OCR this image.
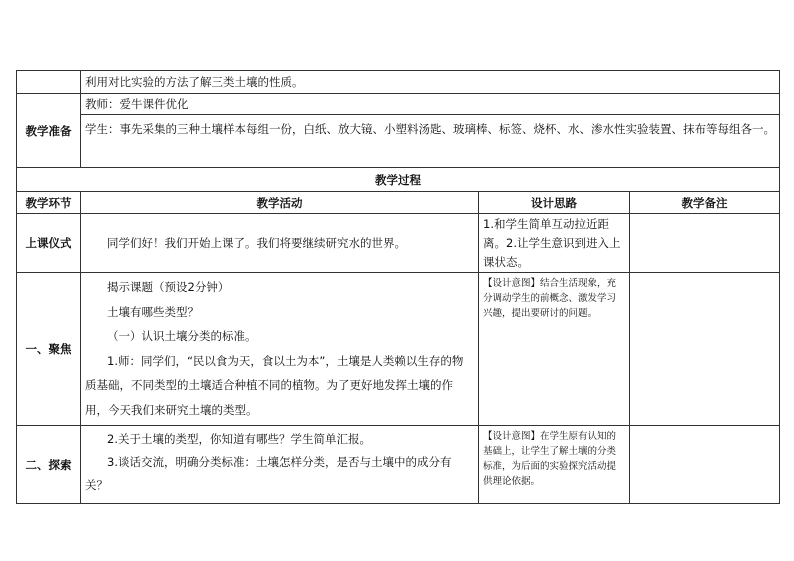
	利用对比实验的方法了解三类土壤的性质。		
教学准备	教师：爱牛课件优化
学生：事先采集的三种土壤样本每组一份，白纸、放大镜、小塑料汤匙、玻璃棒、标签、烧杯、水、渗水性实验装置、抹布等每组各一。		

教学过程			
教学环节	教学活动	设计思路	教学备注
上课仪式	同学们好！我们开始上课了。我们将要继续研究水的世界。	1.和学生简单互动拉近距离。2.让学生意识到进入上课状态。	
一、聚焦	揭示课题（预设2分钟）
土壤有哪些类型？
（一）认识土壤分类的标准。
1.师：同学们，“民以食为天，食以土为本”，土壤是人类赖以生存的物质基础，不同类型的土壤适合种植不同的植物。为了更好地发挥土壤的作用，今天我们来研究土壤的类型。	【设计意图】结合生活现象，充分调动学生的前概念、激发学习兴趣，提出要研讨的问题。	
二、探索	2.关于土壤的类型，你知道有哪些？学生简单汇报。
3.谈话交流，明确分类标准：土壤怎样分类，是否与土壤中的成分有关？	【设计意图】在学生原有认知的基础上，让学生了解土壤的分类标准，为后面的实验探究活动提供理论依据。	
